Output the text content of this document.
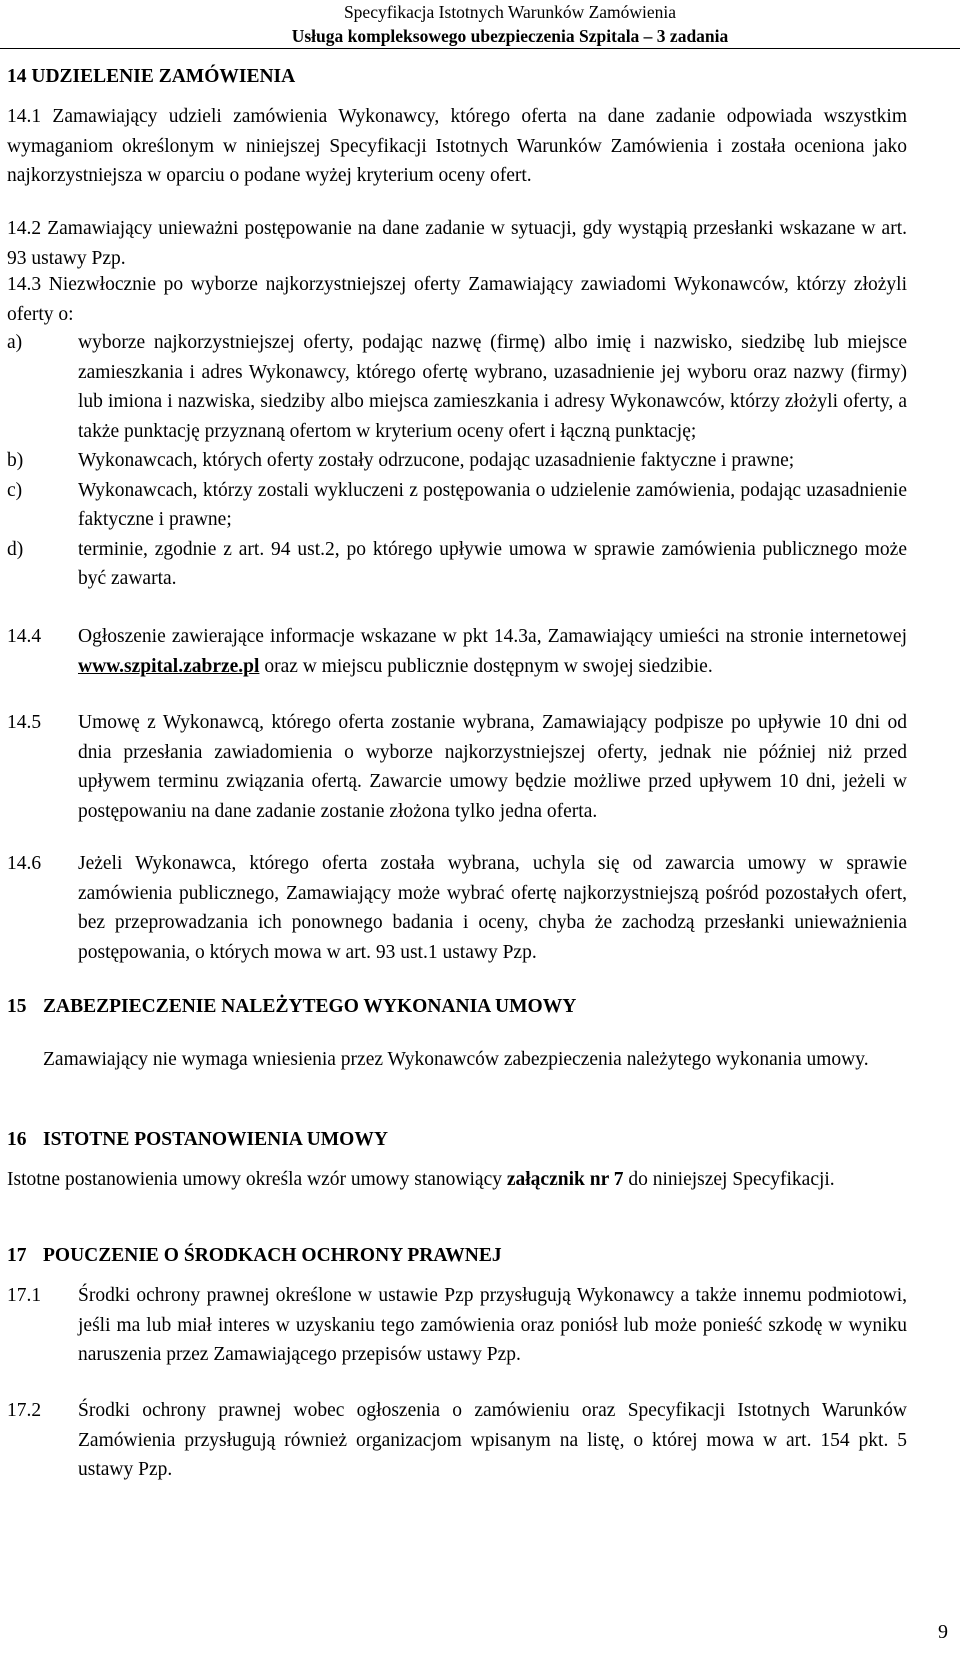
Specyfikacja Istotnych Warunków Zamówienia
Usługa kompleksowego ubezpieczenia Szpitala – 3 zadania
14 UDZIELENIE ZAMÓWIENIA
14.1 Zamawiający udzieli zamówienia Wykonawcy, którego oferta na dane zadanie odpowiada wszystkim wymaganiom określonym w niniejszej Specyfikacji Istotnych Warunków Zamówienia i została oceniona jako najkorzystniejsza w oparciu o podane wyżej kryterium oceny ofert.
14.2 Zamawiający unieważni postępowanie na dane zadanie w sytuacji, gdy wystąpią przesłanki wskazane w art. 93 ustawy Pzp.
14.3 Niezwłocznie po wyborze najkorzystniejszej oferty Zamawiający zawiadomi Wykonawców, którzy złożyli oferty o:
a)	wyborze najkorzystniejszej oferty, podając nazwę (firmę) albo imię i nazwisko, siedzibę lub miejsce zamieszkania i adres Wykonawcy, którego ofertę wybrano, uzasadnienie jej wyboru oraz nazwy (firmy) lub imiona i nazwiska, siedziby albo miejsca zamieszkania i adresy Wykonawców, którzy złożyli oferty, a także punktację przyznaną ofertom w kryterium oceny ofert i łączną punktację;
b)	Wykonawcach, których oferty zostały odrzucone, podając uzasadnienie faktyczne i prawne;
c)	Wykonawcach, którzy zostali wykluczeni z postępowania o udzielenie zamówienia, podając uzasadnienie faktyczne i prawne;
d)	terminie, zgodnie z art. 94 ust.2, po którego upływie umowa w sprawie zamówienia publicznego może być zawarta.
14.4	Ogłoszenie zawierające informacje wskazane w pkt 14.3a, Zamawiający umieści na stronie internetowej www.szpital.zabrze.pl oraz w miejscu publicznie dostępnym w swojej siedzibie.
14.5	Umowę z Wykonawcą, którego oferta zostanie wybrana, Zamawiający podpisze po upływie 10 dni od dnia przesłania zawiadomienia o wyborze najkorzystniejszej oferty, jednak nie później niż przed upływem terminu związania ofertą. Zawarcie umowy będzie możliwe przed upływem 10 dni, jeżeli w postępowaniu na dane zadanie zostanie złożona tylko jedna oferta.
14.6	Jeżeli Wykonawca, którego oferta została wybrana, uchyla się od zawarcia umowy w sprawie zamówienia publicznego, Zamawiający może wybrać ofertę najkorzystniejszą pośród pozostałych ofert, bez przeprowadzania ich ponownego badania i oceny, chyba że zachodzą przesłanki unieważnienia postępowania, o których mowa w art. 93 ust.1 ustawy Pzp.
15 ZABEZPIECZENIE NALEŻYTEGO WYKONANIA UMOWY
Zamawiający nie wymaga wniesienia przez Wykonawców zabezpieczenia należytego wykonania umowy.
16 ISTOTNE POSTANOWIENIA UMOWY
Istotne postanowienia umowy określa wzór umowy stanowiący załącznik nr 7 do niniejszej Specyfikacji.
17 POUCZENIE O ŚRODKACH OCHRONY PRAWNEJ
17.1	Środki ochrony prawnej określone w ustawie Pzp przysługują Wykonawcy a także innemu podmiotowi, jeśli ma lub miał interes w uzyskaniu tego zamówienia oraz poniósł lub może ponieść szkodę w wyniku naruszenia przez Zamawiającego przepisów ustawy Pzp.
17.2	Środki ochrony prawnej wobec ogłoszenia o zamówieniu oraz Specyfikacji Istotnych Warunków Zamówienia przysługują również organizacjom wpisanym na listę, o której mowa w art. 154 pkt. 5 ustawy Pzp.
9
